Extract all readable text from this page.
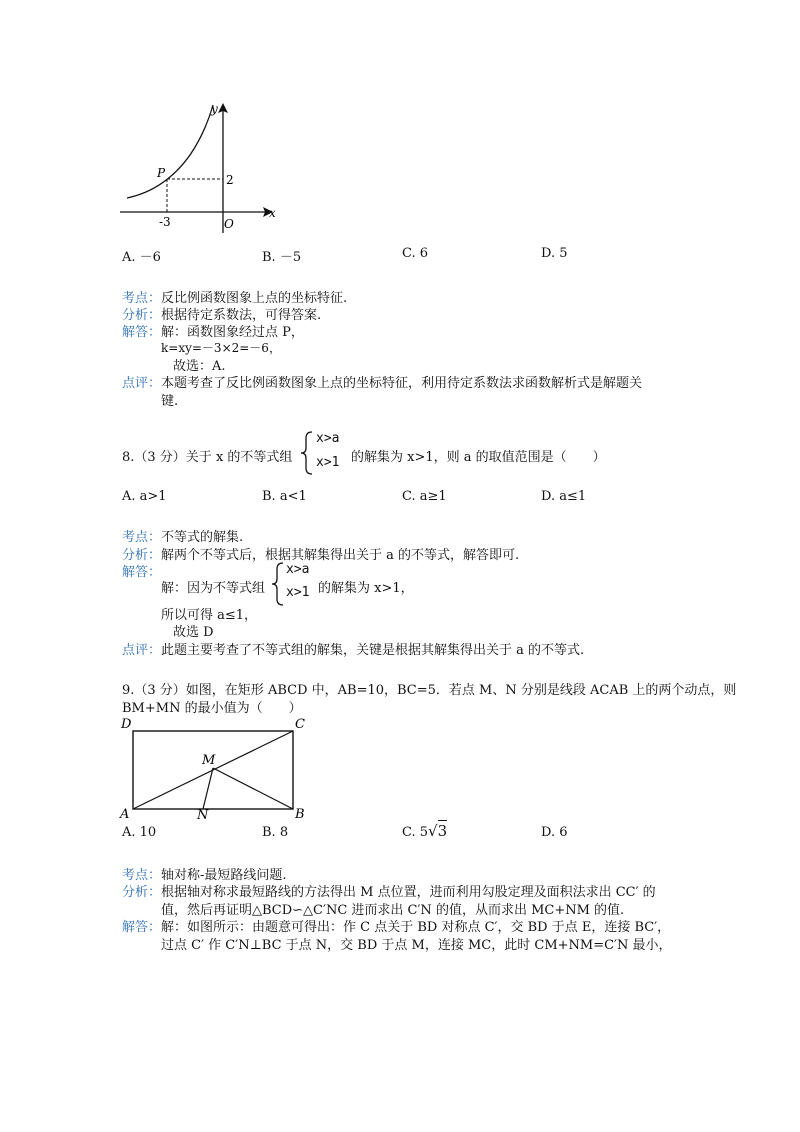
y
x
P	2
-3	O
A. －6	B. －5	C. 6	D. 5
考点： 反比例函数图象上点的坐标特征.
分析： 根据待定系数法，可得答案.
解答： 解：函数图象经过点 P，
k=xy=－3×2=－6，
故选：A.
点评： 本题考查了反比例函数图象上点的坐标特征，利用待定系数法求函数解析式是解题关
键.
8.（3 分）关于 x 的不等式组
x>a
x>1 的解集为 x>1，则 a 的取值范围是（　　）
A. a>1	B. a<1	C. a≥1	D. a≤1
考点： 不等式的解集.
分析： 解两个不等式后，根据其解集得出关于 a 的不等式，解答即可.
解答：
解：因为不等式组
x>a
x>1 的解集为 x>1，
所以可得 a≤1，
故选 D
点评： 此题主要考查了不等式组的解集，关键是根据其解集得出关于 a 的不等式.
9.（3 分）如图，在矩形 ABCD 中，AB=10，BC=5．若点 M、N 分别是线段 ACAB 上的两个动点，则
BM+MN 的最小值为（　　）
D	C
A	B
M
N
A. 10	B. 8	C. 5√3	D. 6
考点： 轴对称-最短路线问题.
分析： 根据轴对称求最短路线的方法得出 M 点位置，进而利用勾股定理及面积法求出 CC′ 的
值，然后再证明△BCD∽△C′NC 进而求出 C′N 的值，从而求出 MC+NM 的值.
解答： 解：如图所示：由题意可得出：作 C 点关于 BD 对称点 C′，交 BD 于点 E，连接 BC′，
过点 C′ 作 C′N⊥BC 于点 N，交 BD 于点 M，连接 MC，此时 CM+NM=C′N 最小，
